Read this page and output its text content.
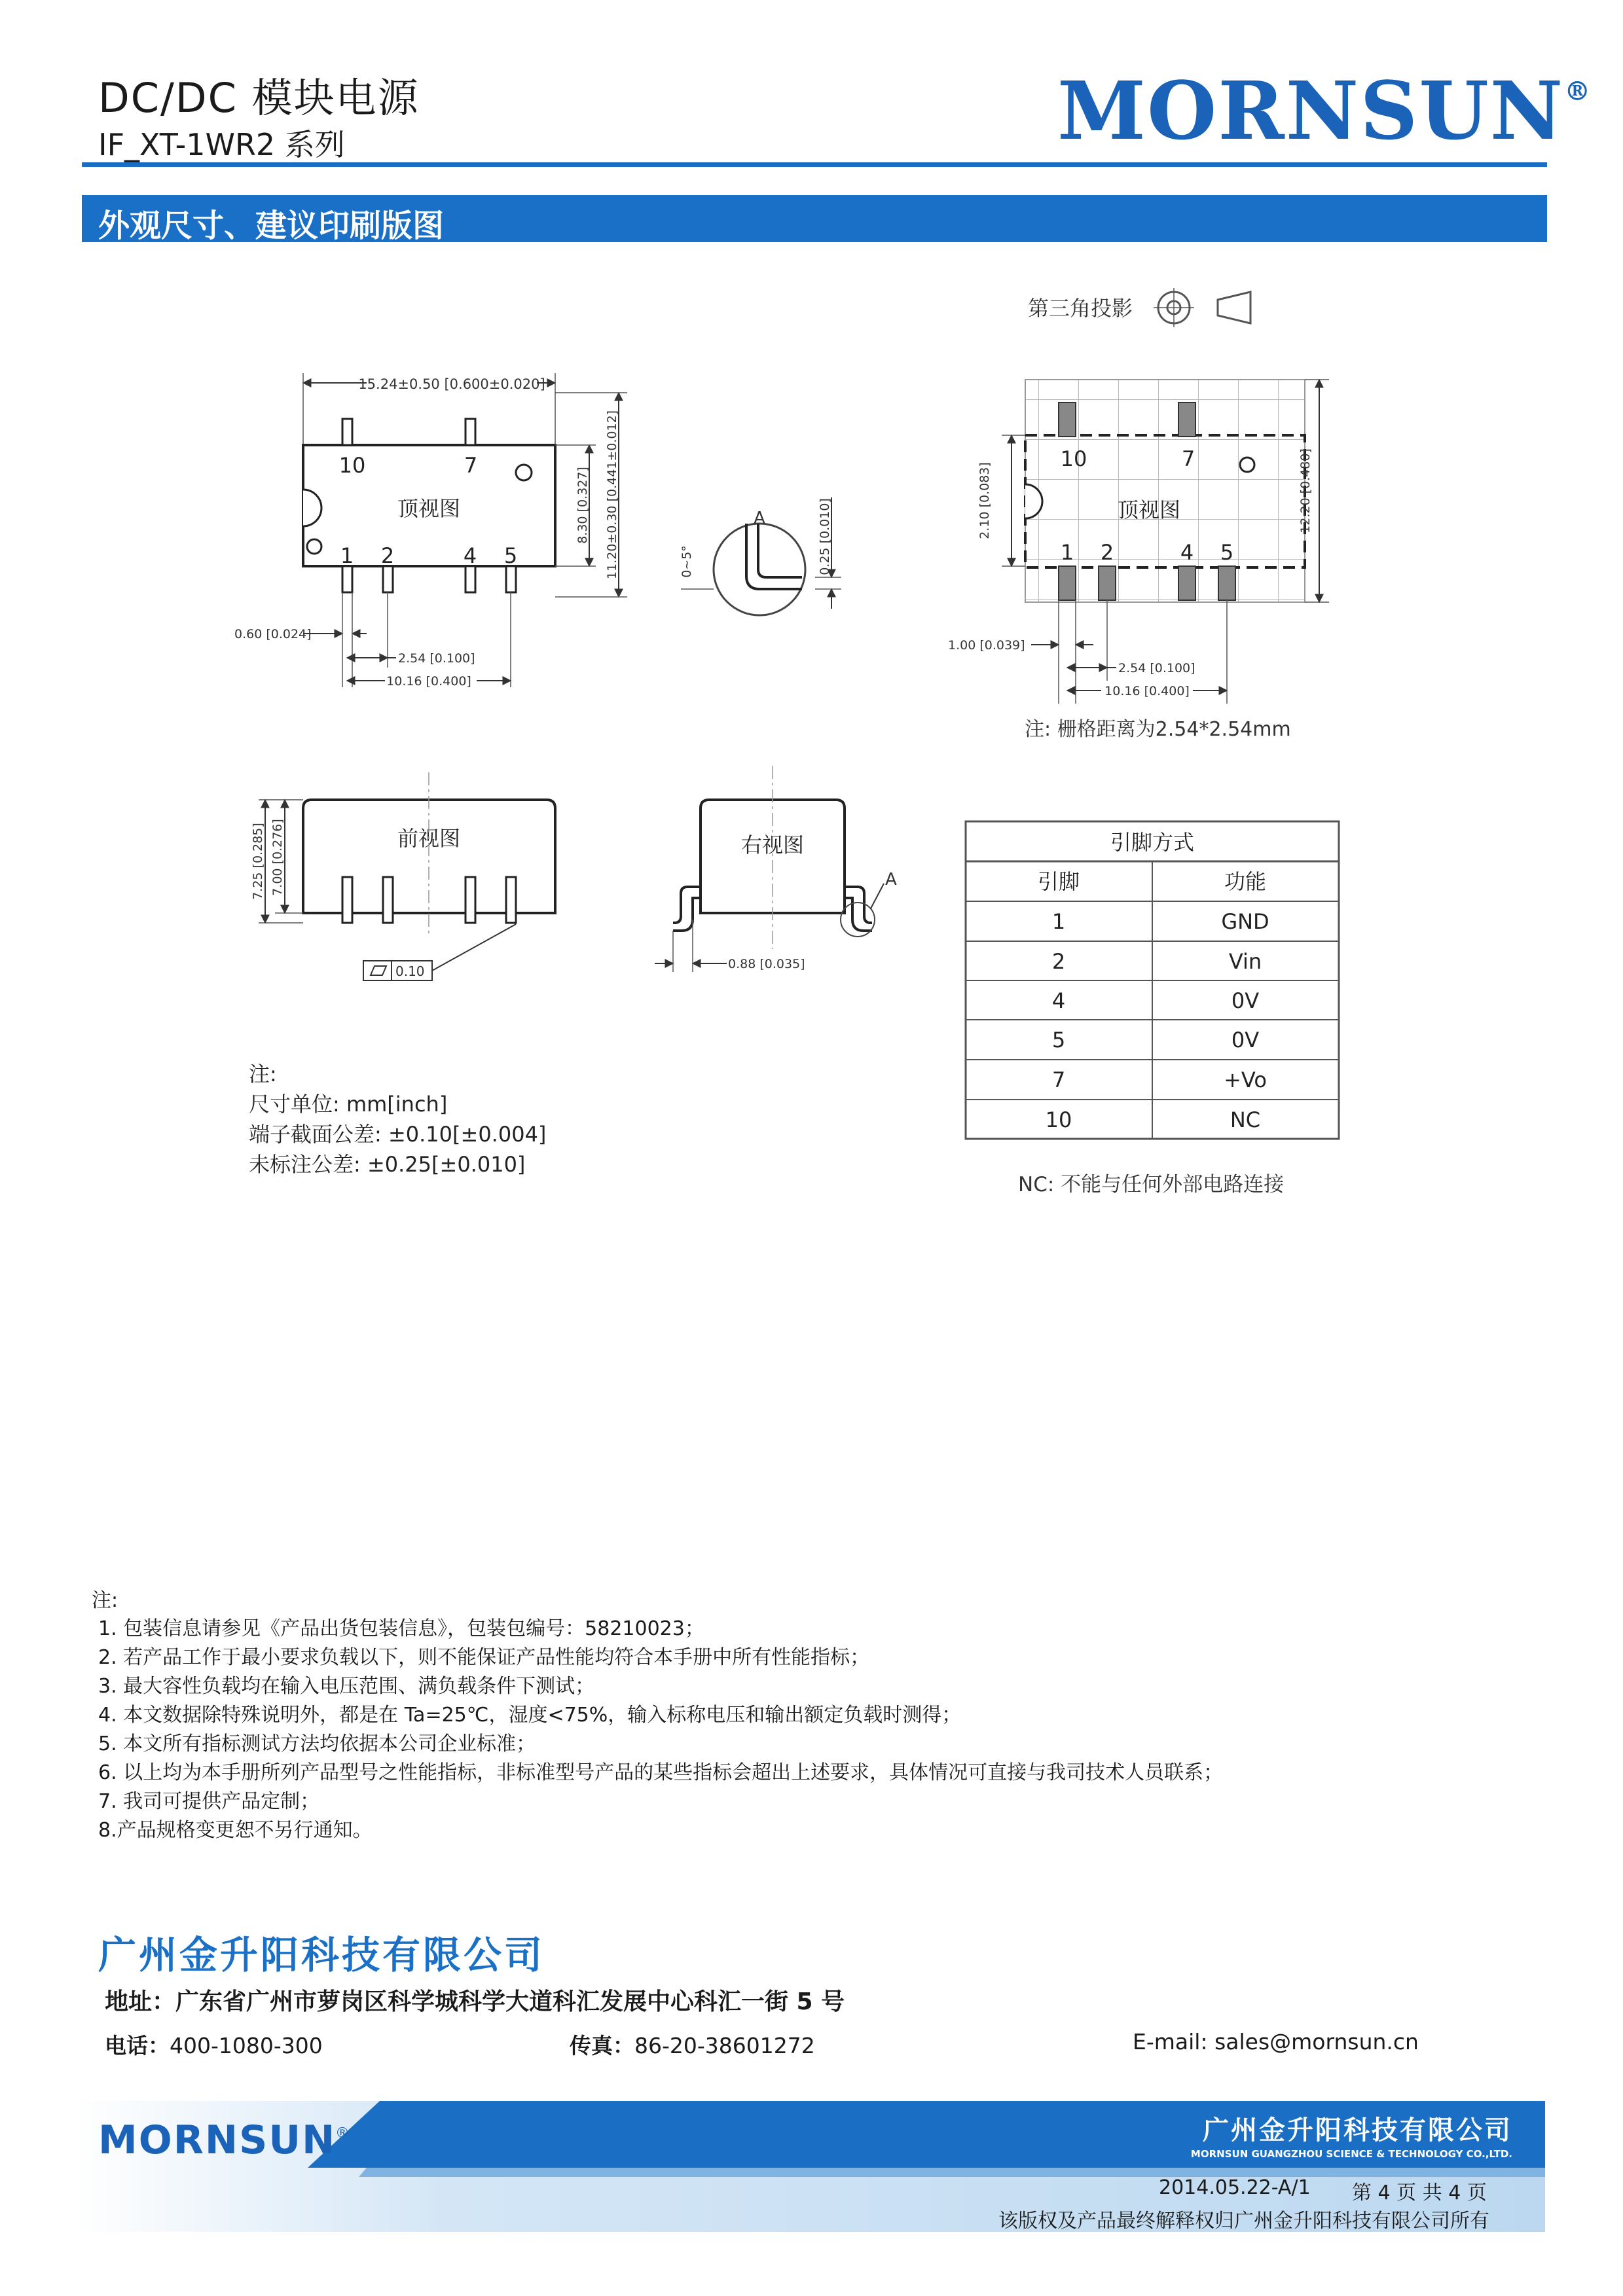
DC/DC 模块电源
IF_XT-1WR2 系列	MORNSUN®
外观尺寸、建议印刷版图
第三角投影
15.24±0.50 [0.600±0.020]
10	7
1 2	4 5
顶视图	8.30 [0.327] 11.20±0.30 [0.441±0.012]
0.60 [0.024]
2.54 [0.100]
10.16 [0.400]
A
0~5°	0.25 [0.010]
10	7
1 2	4 5
顶视图
2.10 [0.083]	12.20 [0.480]
1.00 [0.039]
2.54 [0.100]
10.16 [0.400]
注: 栅格距离为2.54*2.54mm
前视图
7.25 [0.285] 7.00 [0.276]
0.10
A
右视图
0.88 [0.035]
注:
尺寸单位: mm[inch]
端子截面公差: ±0.10[±0.004]
未标注公差: ±0.25[±0.010]
引脚方式
引脚	功能
1	GND
2	Vin
4	0V
5	0V
7	+Vo
10	NC
NC: 不能与任何外部电路连接
注:
1. 包装信息请参见《产品出货包装信息》，包装包编号：58210023；
2. 若产品工作于最小要求负载以下，则不能保证产品性能均符合本手册中所有性能指标；
3. 最大容性负载均在输入电压范围、满负载条件下测试；
4. 本文数据除特殊说明外，都是在 Ta=25℃，湿度<75%，输入标称电压和输出额定负载时测得；
5. 本文所有指标测试方法均依据本公司企业标准；
6. 以上均为本手册所列产品型号之性能指标，非标准型号产品的某些指标会超出上述要求，具体情况可直接与我司技术人员联系；
7. 我司可提供产品定制；
8.产品规格变更恕不另行通知。
广州金升阳科技有限公司
地址：广东省广州市萝岗区科学城科学大道科汇发展中心科汇一街 5 号
电话：400-1080-300	传真：86-20-38601272	E-mail: sales@mornsun.cn
MORNSUN
®	广州金升阳科技有限公司
MORNSUN GUANGZHOU SCIENCE & TECHNOLOGY CO.,LTD.
2014.05.22-A/1 第 4 页 共 4 页
该版权及产品最终解释权归广州金升阳科技有限公司所有
